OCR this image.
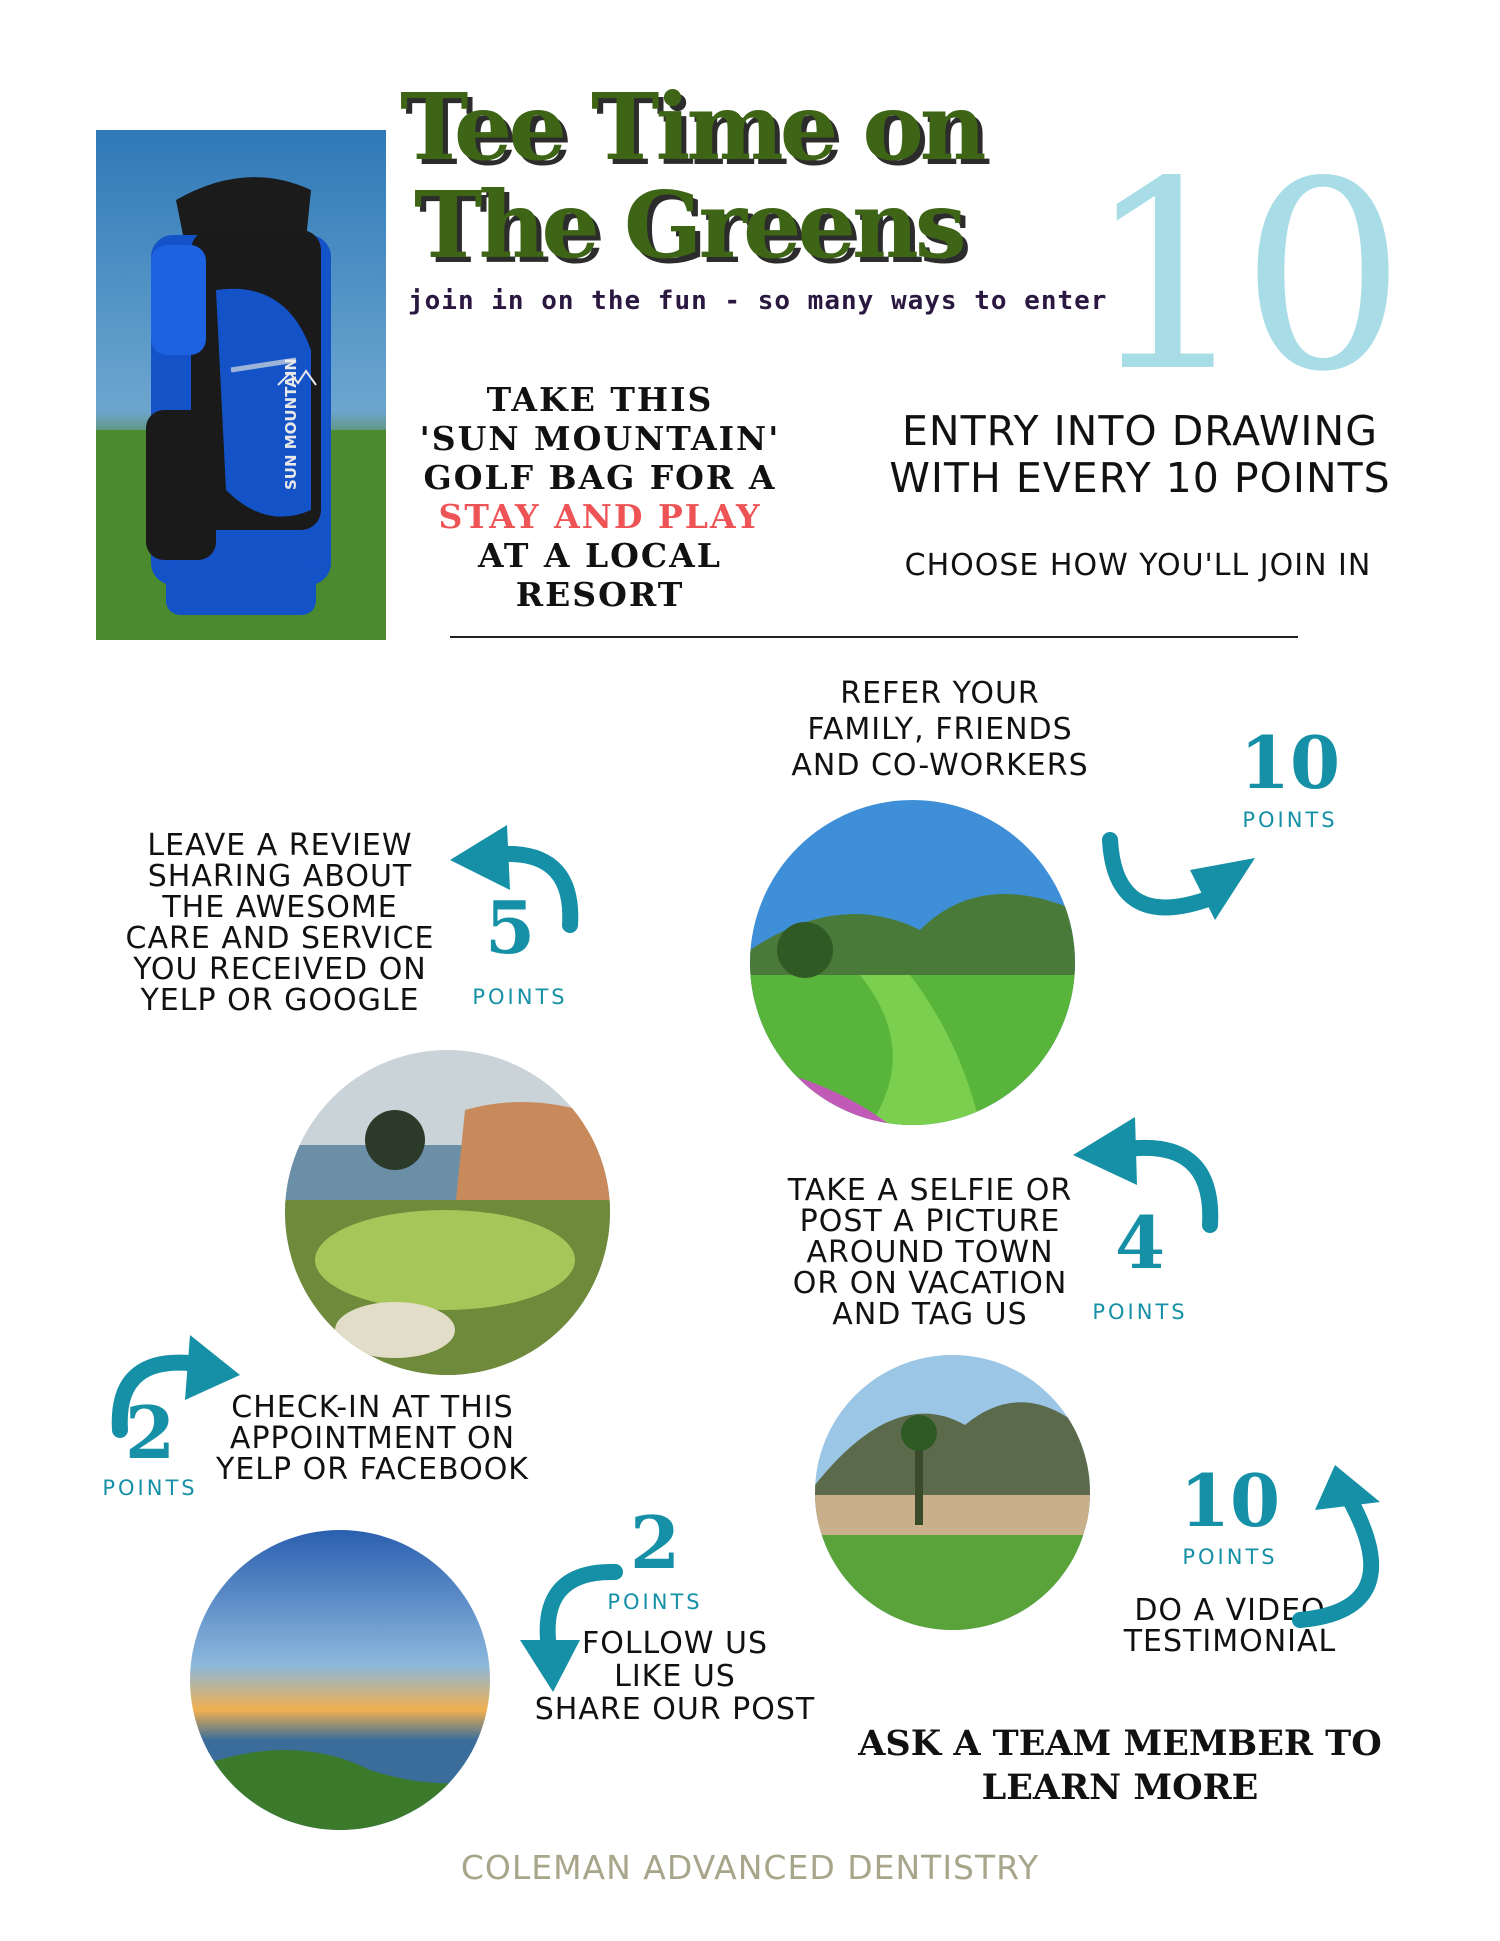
SUN MOUNTAIN
Tee Time on
The Greens
join in on the fun - so many ways to enter
10
TAKE THIS
'SUN MOUNTAIN'
GOLF BAG FOR A
STAY AND PLAY
AT A LOCAL
RESORT
ENTRY INTO DRAWING
WITH EVERY 10 POINTS
CHOOSE HOW YOU'LL JOIN IN
REFER YOUR
FAMILY, FRIENDS
AND CO-WORKERS	10
POINTS
LEAVE A REVIEW
SHARING ABOUT
THE AWESOME
CARE AND SERVICE
YOU RECEIVED ON
YELP OR GOOGLE
5
POINTS
TAKE A SELFIE OR
POST A PICTURE
AROUND TOWN
OR ON VACATION
AND TAG US
4
POINTS
2
POINTS
CHECK-IN AT THIS
APPOINTMENT ON
YELP OR FACEBOOK
2
POINTS
FOLLOW US
LIKE US
SHARE OUR POST
10
POINTS
DO A VIDEO
TESTIMONIAL
ASK A TEAM MEMBER TO
LEARN MORE
COLEMAN ADVANCED DENTISTRY
